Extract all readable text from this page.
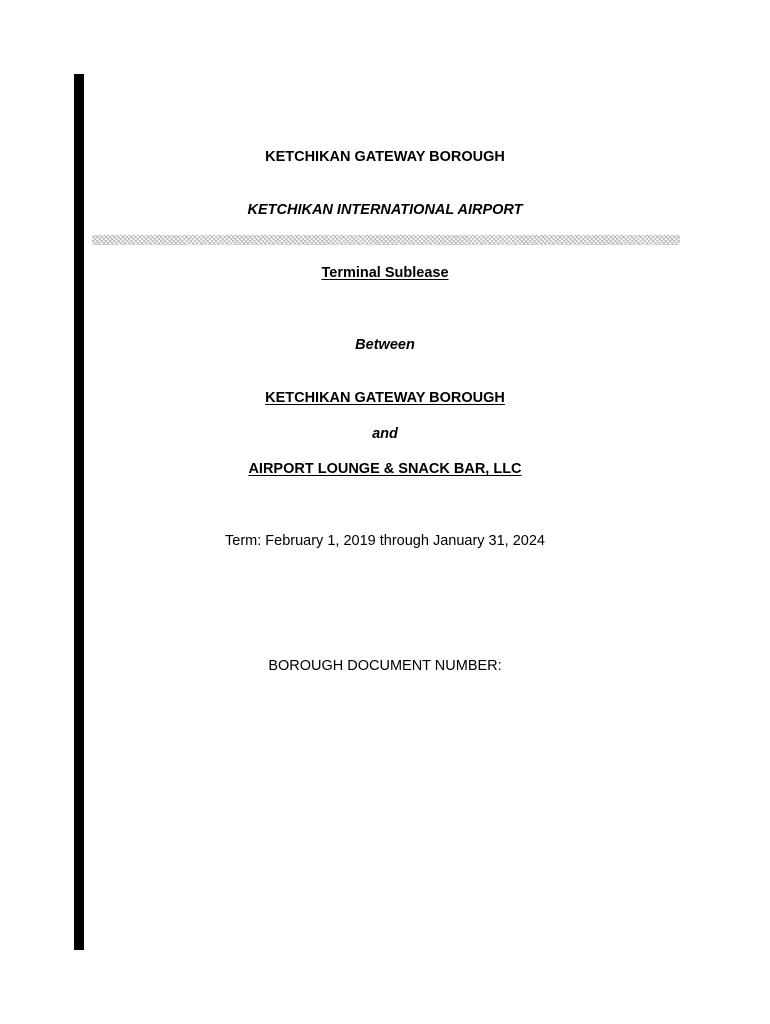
KETCHIKAN GATEWAY BOROUGH
KETCHIKAN INTERNATIONAL AIRPORT
Terminal Sublease
Between
KETCHIKAN GATEWAY BOROUGH
and
AIRPORT LOUNGE & SNACK BAR, LLC
Term: February 1, 2019 through January 31, 2024
BOROUGH DOCUMENT NUMBER:
